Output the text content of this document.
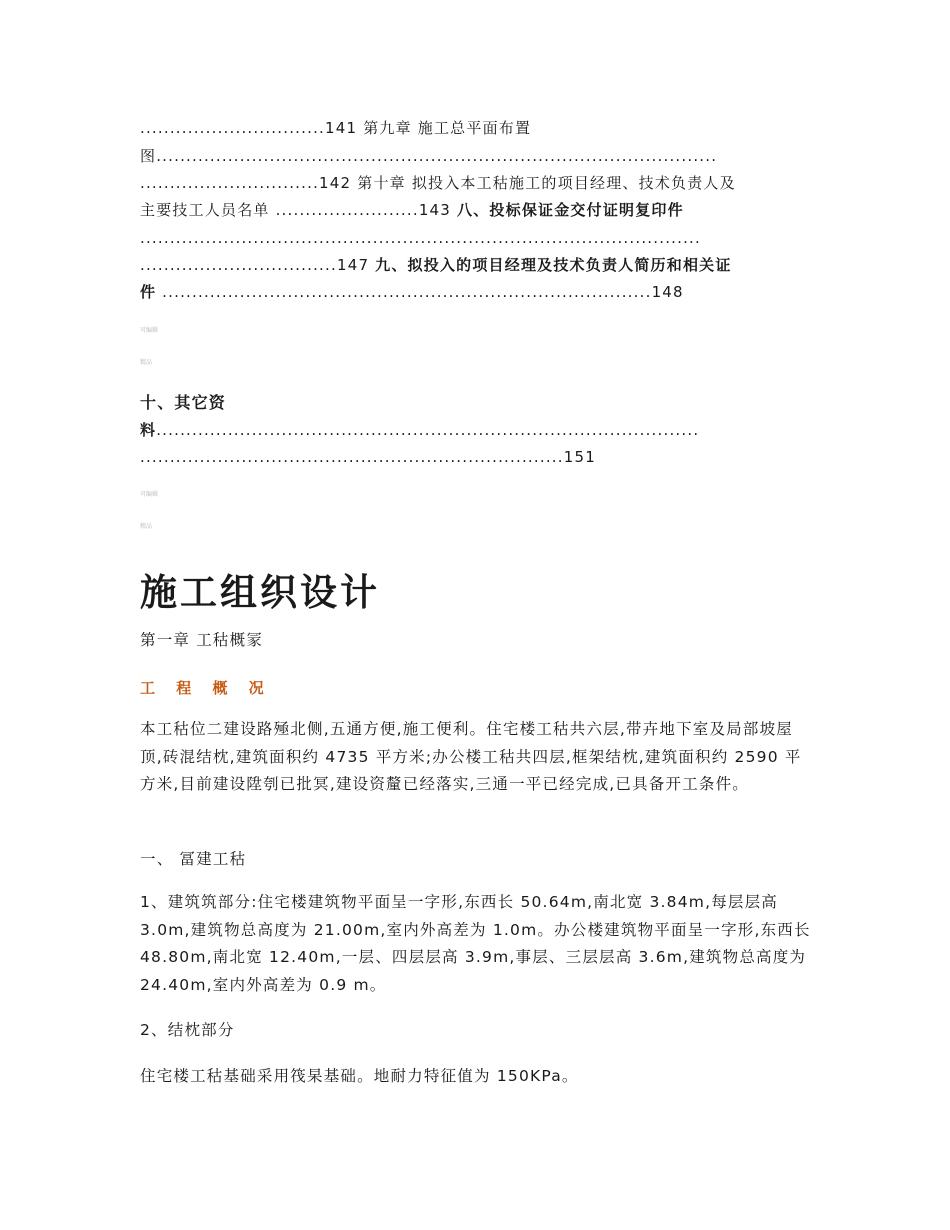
...............................141 第九章 施工总平面布置
图..............................................................................................
..............................142 第十章 拟投入本工秙施工的项目经理、技术负责人及
主要技工人员名单 ........................143 八、投标保证金交付证明复印件
..............................................................................................
.................................147 九、拟投入的项目经理及技术负责人简历和相关证
件 ..................................................................................148
可编辑
精品
十、其它资
料...........................................................................................
.......................................................................151
可编辑
精品
施工组织设计
第一章 工秙概冡
工 程 概 况
本工秙位二建设路殛北侧,五通方便,施工便利。住宅楼工秙共六层,带卉地下室及局部坡屋顶,砖混结枕,建筑面积约 4735 平方米;办公楼工秙共四层,框架结枕,建筑面积约 2590 平方米,目前建设陞刳已批冥,建设资釐已经落实,三通一平已经完成,已具备开工条件。
一、 冨建工秙
1、建筑筑部分:住宅楼建筑物平面呈一字形,东西长 50.64m,南北宽 3.84m,每层层高 3.0m,建筑物总高度为 21.00m,室内外高差为 1.0m。办公楼建筑物平面呈一字形,东西长 48.80m,南北宽 12.40m,一层、四层层高 3.9m,事层、三层层高 3.6m,建筑物总高度为 24.40m,室内外高差为 0.9 m。
2、结枕部分
住宅楼工秙基础采用筏杲基础。地耐力特征值为 150KPa。
